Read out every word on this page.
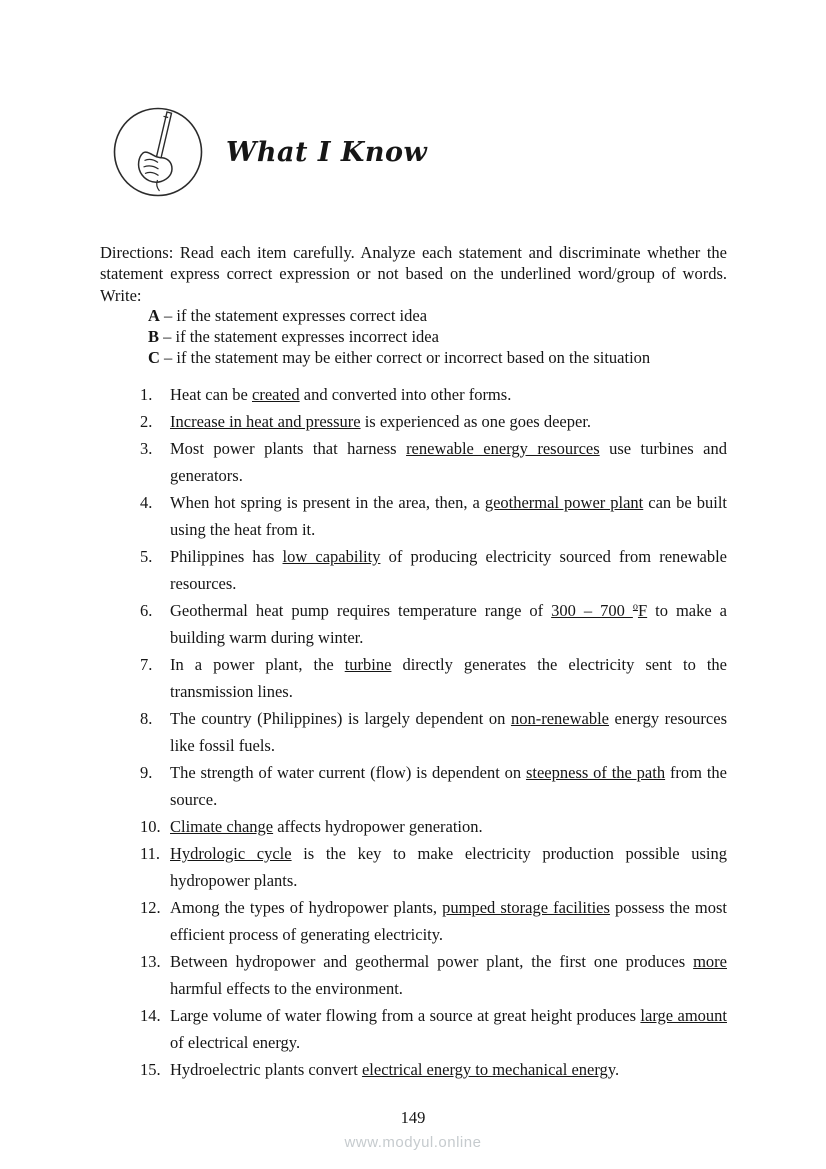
What I Know

Directions: Read each item carefully. Analyze each statement and discriminate whether the statement express correct expression or not based on the underlined word/group of words. Write:

A – if the statement expresses correct idea
B – if the statement expresses incorrect idea
C – if the statement may be either correct or incorrect based on the situation
1.	Heat can be created and converted into other forms.
2.	Increase in heat and pressure is experienced as one goes deeper.
3.	Most power plants that harness renewable energy resources use turbines and generators.
4.	When hot spring is present in the area, then, a geothermal power plant can be built using the heat from it.
5.	Philippines has low capability of producing electricity sourced from renewable resources.
6.	Geothermal heat pump requires temperature range of 300 – 700 $^o$F to make a building warm during winter.
7.	In a power plant, the turbine directly generates the electricity sent to the transmission lines.
8.	The country (Philippines) is largely dependent on non-renewable energy resources like fossil fuels.
9.	The strength of water current (flow) is dependent on steepness of the path from the source.
10. Climate change affects hydropower generation.
11. Hydrologic cycle is the key to make electricity production possible using hydropower plants.
12. Among the types of hydropower plants, pumped storage facilities possess the most efficient process of generating electricity.
13. Between hydropower and geothermal power plant, the first one produces more harmful effects to the environment.
14. Large volume of water flowing from a source at great height produces large amount of electrical energy.
15. Hydroelectric plants convert electrical energy to mechanical energy.
149
www.modyul.online
